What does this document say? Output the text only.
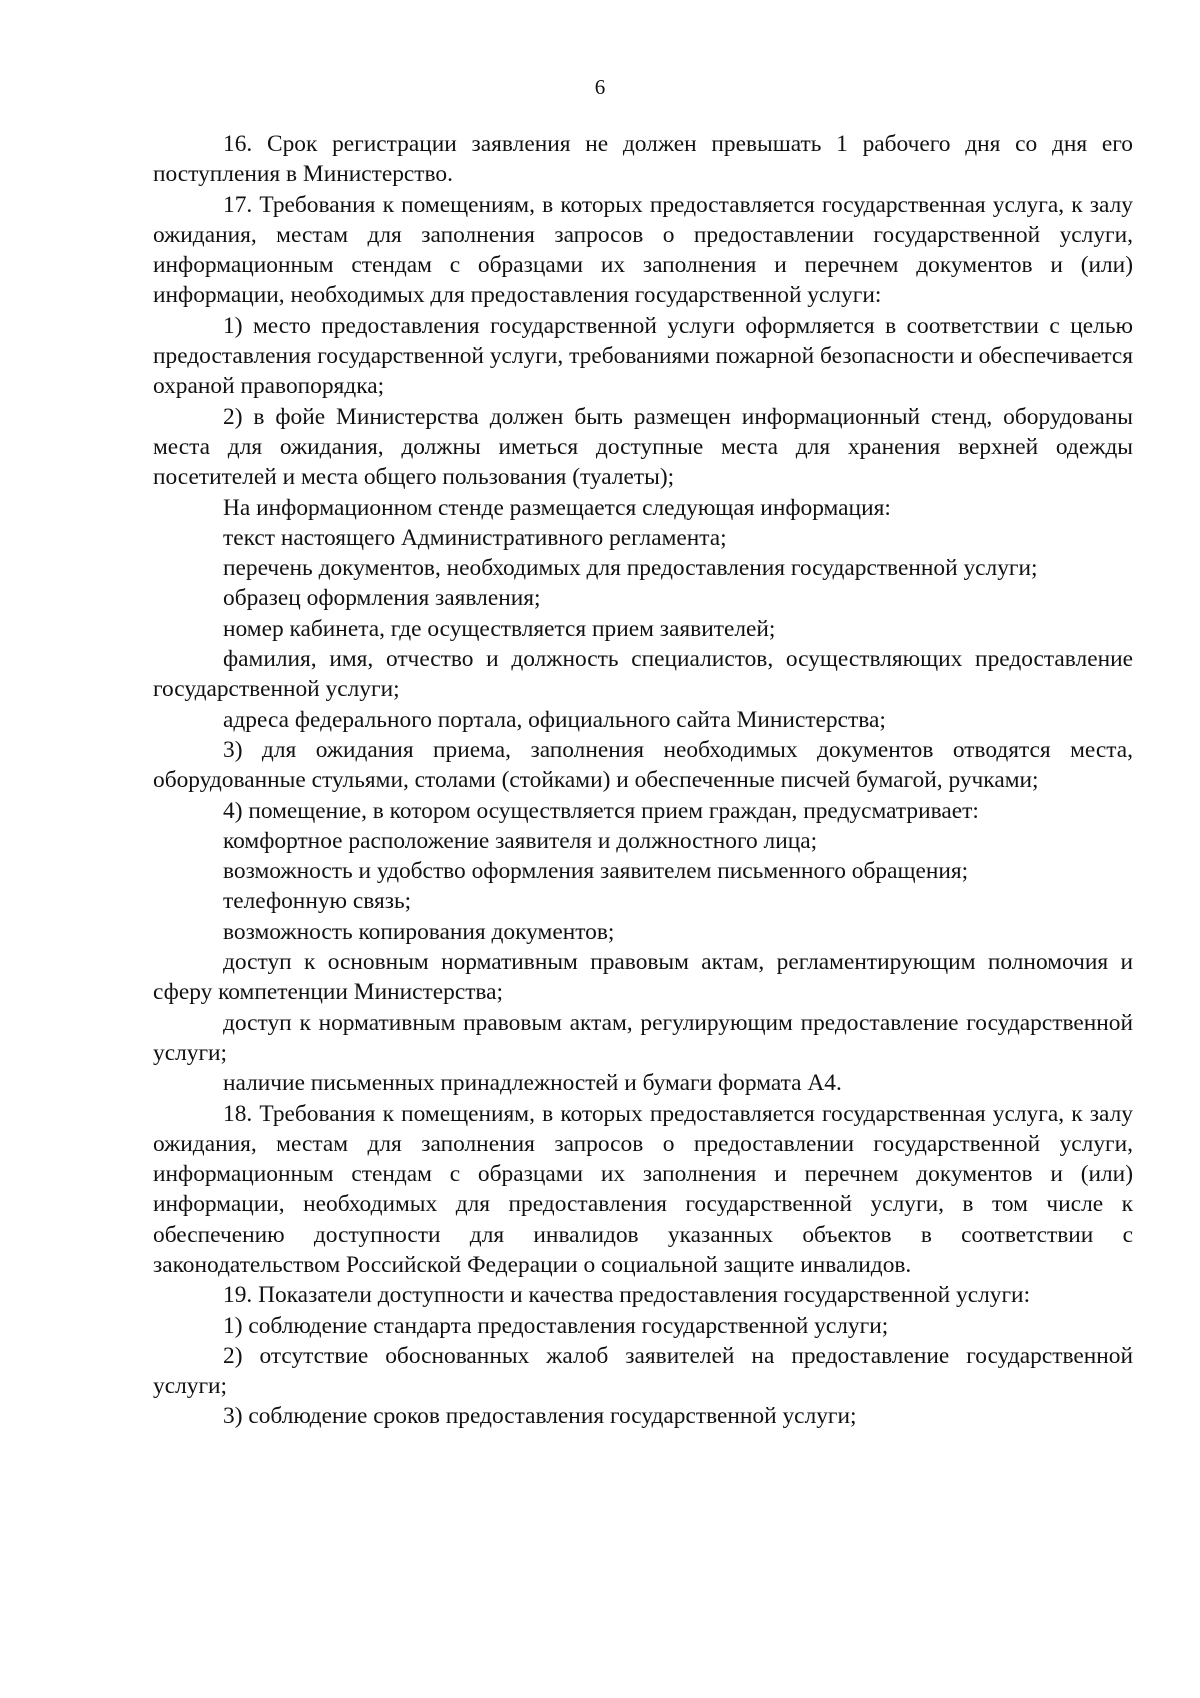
6

16. Срок регистрации заявления не должен превышать 1 рабочего дня со дня его поступления в Министерство.

17. Требования к помещениям, в которых предоставляется государственная услуга, к залу ожидания, местам для заполнения запросов о предоставлении государственной услуги, информационным стендам с образцами их заполнения и перечнем документов и (или) информации, необходимых для предоставления государственной услуги:

1) место предоставления государственной услуги оформляется в соответствии с целью предоставления государственной услуги, требованиями пожарной безопасности и обеспечивается охраной правопорядка;

2) в фойе Министерства должен быть размещен информационный стенд, оборудованы места для ожидания, должны иметься доступные места для хранения верхней одежды посетителей и места общего пользования (туалеты);

На информационном стенде размещается следующая информация:

текст настоящего Административного регламента;

перечень документов, необходимых для предоставления государственной услуги;

образец оформления заявления;

номер кабинета, где осуществляется прием заявителей;

фамилия, имя, отчество и должность специалистов, осуществляющих предоставление государственной услуги;

адреса федерального портала, официального сайта Министерства;

3) для ожидания приема, заполнения необходимых документов отводятся места, оборудованные стульями, столами (стойками) и обеспеченные писчей бумагой, ручками;

4) помещение, в котором осуществляется прием граждан, предусматривает:

комфортное расположение заявителя и должностного лица;

возможность и удобство оформления заявителем письменного обращения;

телефонную связь;

возможность копирования документов;

доступ к основным нормативным правовым актам, регламентирующим полномочия и сферу компетенции Министерства;

доступ к нормативным правовым актам, регулирующим предоставление государственной услуги;

наличие письменных принадлежностей и бумаги формата А4.

18. Требования к помещениям, в которых предоставляется государственная услуга, к залу ожидания, местам для заполнения запросов о предоставлении государственной услуги, информационным стендам с образцами их заполнения и перечнем документов и (или) информации, необходимых для предоставления государственной услуги, в том числе к обеспечению доступности для инвалидов указанных объектов в соответствии с законодательством Российской Федерации о социальной защите инвалидов.

19. Показатели доступности и качества предоставления государственной услуги:

1) соблюдение стандарта предоставления государственной услуги;

2) отсутствие обоснованных жалоб заявителей на предоставление государственной услуги;

3) соблюдение сроков предоставления государственной услуги;
